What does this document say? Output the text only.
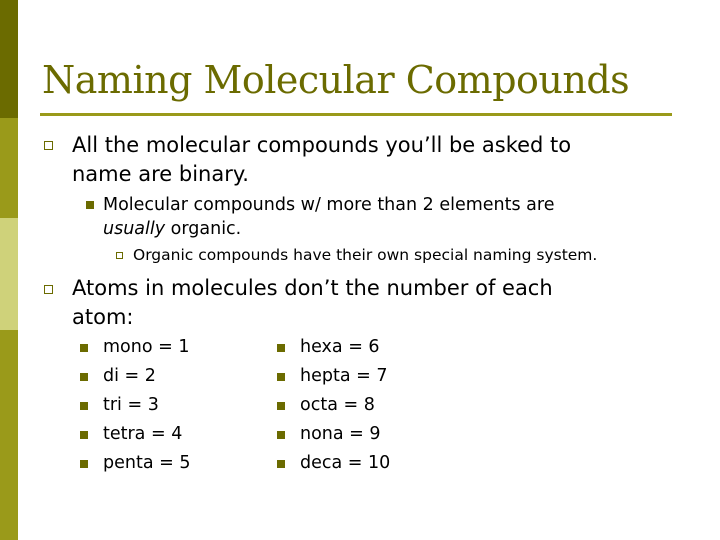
Naming Molecular Compounds
All the molecular compounds you’ll be asked to
name are binary.
Molecular compounds w/ more than 2 elements are
usually organic.
Organic compounds have their own special naming system.
Atoms in molecules don’t the number of each
atom:
mono = 1
di = 2
tri = 3
tetra = 4
penta = 5
hexa = 6
hepta = 7
octa = 8
nona = 9
deca = 10
